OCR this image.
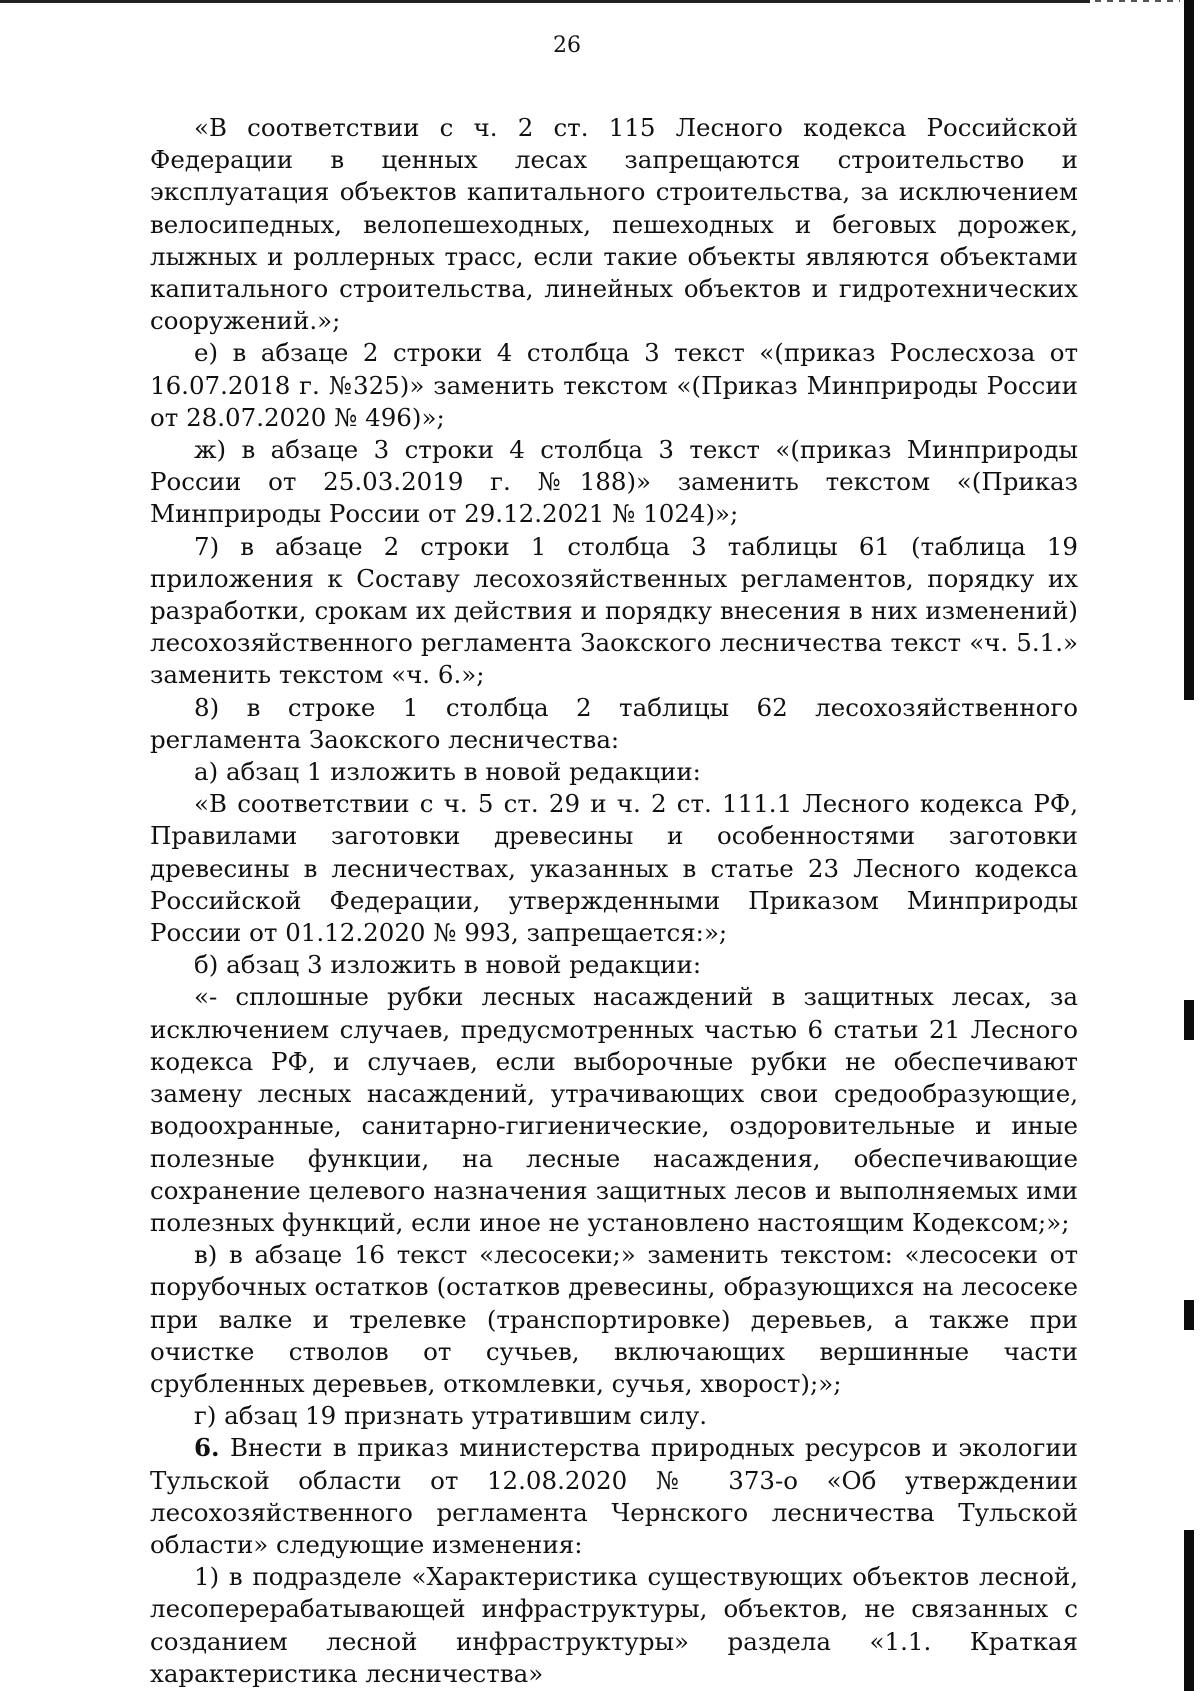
26

«В соответствии с ч. 2 ст. 115 Лесного кодекса Российской Федерации в ценных лесах запрещаются строительство и эксплуатация объектов капитального строительства, за исключением велосипедных, велопешеходных, пешеходных и беговых дорожек, лыжных и роллерных трасс, если такие объекты являются объектами капитального строительства, линейных объектов и гидротехнических сооружений.»;

е) в абзаце 2 строки 4 столбца 3 текст «(приказ Рослесхоза от 16.07.2018 г. №325)» заменить текстом «(Приказ Минприроды России от 28.07.2020 № 496)»;

ж) в абзаце 3 строки 4 столбца 3 текст «(приказ Минприроды России от 25.03.2019 г. №188)» заменить текстом «(Приказ Минприроды России от 29.12.2021 № 1024)»;

7) в абзаце 2 строки 1 столбца 3 таблицы 61 (таблица 19 приложения к Составу лесохозяйственных регламентов, порядку их разработки, срокам их действия и порядку внесения в них изменений) лесохозяйственного регламента Заокского лесничества текст «ч. 5.1.» заменить текстом «ч. 6.»;

8) в строке 1 столбца 2 таблицы 62 лесохозяйственного регламента Заокского лесничества:

а) абзац 1 изложить в новой редакции:

«В соответствии с ч. 5 ст. 29 и ч. 2 ст. 111.1 Лесного кодекса РФ, Правилами заготовки древесины и особенностями заготовки древесины в лесничествах, указанных в статье 23 Лесного кодекса Российской Федерации, утвержденными Приказом Минприроды России от 01.12.2020 № 993, запрещается:»;

б) абзац 3 изложить в новой редакции:

«- сплошные рубки лесных насаждений в защитных лесах, за исключением случаев, предусмотренных частью 6 статьи 21 Лесного кодекса РФ, и случаев, если выборочные рубки не обеспечивают замену лесных насаждений, утрачивающих свои средообразующие, водоохранные, санитарно-гигиенические, оздоровительные и иные полезные функции, на лесные насаждения, обеспечивающие сохранение целевого назначения защитных лесов и выполняемых ими полезных функций, если иное не установлено настоящим Кодексом;»;

в) в абзаце 16 текст «лесосеки;» заменить текстом: «лесосеки от порубочных остатков (остатков древесины, образующихся на лесосеке при валке и трелевке (транспортировке) деревьев, а также при очистке стволов от сучьев, включающих вершинные части срубленных деревьев, откомлевки, сучья, хворост);»;

г) абзац 19 признать утратившим силу.

6. Внести в приказ министерства природных ресурсов и экологии Тульской области от 12.08.2020 № 373-о «Об утверждении лесохозяйственного регламента Чернского лесничества Тульской области» следующие изменения:

1) в подразделе «Характеристика существующих объектов лесной, лесоперерабатывающей инфраструктуры, объектов, не связанных с созданием лесной инфраструктуры» раздела «1.1. Краткая характеристика лесничества»
